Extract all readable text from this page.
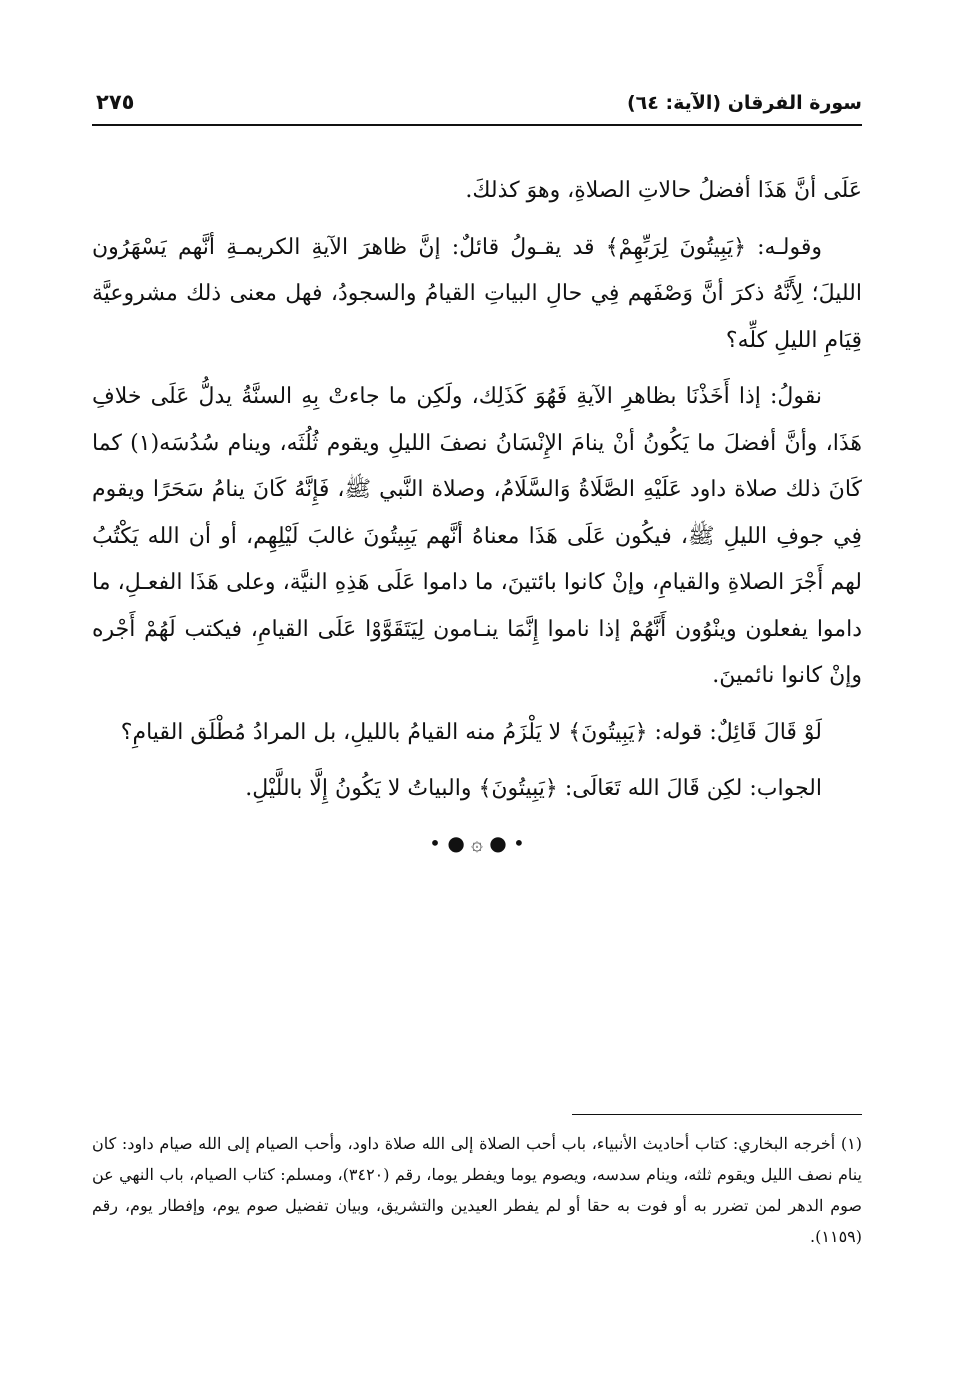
سورة الفرقان (الآية: ٦٤)
٢٧٥

عَلَى أنَّ هَذَا أفضلُ حالاتِ الصلاةِ، وهوَ كذلكَ.

وقولـه: ﴿يَبِيتُونَ لِرَبِّهِمْ﴾ قد يقـولُ قائلٌ: إنَّ ظاهرَ الآيةِ الكريمـةِ أنَّهم يَسْهَرُون الليلَ؛ لِأَنَّهُ ذكرَ أنَّ وَصْفَهم فِي حالِ البياتِ القيامُ والسجودُ، فهل معنى ذلك مشروعيَّة قِيَامِ الليلِ كلِّه؟

نقولُ: إذا أَخَذْنَا بظاهرِ الآيةِ فَهُوَ كَذَلِك، ولَكِن ما جاءتْ بِهِ السنَّةُ يدلُّ عَلَى خلافِ هَذَا، وأنَّ أفضلَ ما يَكُونُ أنْ ينامَ الإِنْسَانُ نصفَ الليلِ ويقوم ثُلُثَه، وينام سُدُسَه(١) كما كَانَ ذلك صلاة داود عَلَيْهِ الصَّلَاةُ وَالسَّلَامُ، وصلاة النَّبي ﷺ، فَإِنَّهُ كَانَ ينامُ سَحَرًا ويقوم فِي جوفِ الليلِ ﷺ، فيكُون عَلَى هَذَا معناهُ أنَّهم يَبِيتُونَ غالبَ لَيْلِهِم، أو أن الله يَكْتُبُ لهم أَجْرَ الصلاةِ والقيامِ، وإنْ كانوا بائتينَ، ما داموا عَلَى هَذِهِ النيَّة، وعلى هَذَا الفعـلِ، ما داموا يفعلون وينْوُون أَنَّهُمْ إذا ناموا إِنَّمَا ينـامون لِيَتَقَوَّوْا عَلَى القيامِ، فيكتب لَهُمْ أَجْره وإنْ كانوا نائمينَ.

لَوْ قَالَ قَائِلٌ: قوله: ﴿يَبِيتُونَ﴾ لا يَلْزَمُ منه القيامُ بالليلِ، بل المرادُ مُطْلَق القيامِ؟

الجواب: لكِن قَالَ الله تَعَالَى: ﴿يَبِيتُونَ﴾ والبياتُ لا يَكُونُ إِلَّا باللَّيْلِ.

• ● ۞ ● •

(١) أخرجه البخاري: كتاب أحاديث الأنبياء، باب أحب الصلاة إلى الله صلاة داود، وأحب الصيام إلى الله صيام داود: كان ينام نصف الليل ويقوم ثلثه، وينام سدسه، ويصوم يوما ويفطر يوما، رقم (٣٤٢٠)، ومسلم: كتاب الصيام، باب النهي عن صوم الدهر لمن تضرر به أو فوت به حقا أو لم يفطر العيدين والتشريق، وبيان تفضيل صوم يوم، وإفطار يوم، رقم (١١٥٩).
